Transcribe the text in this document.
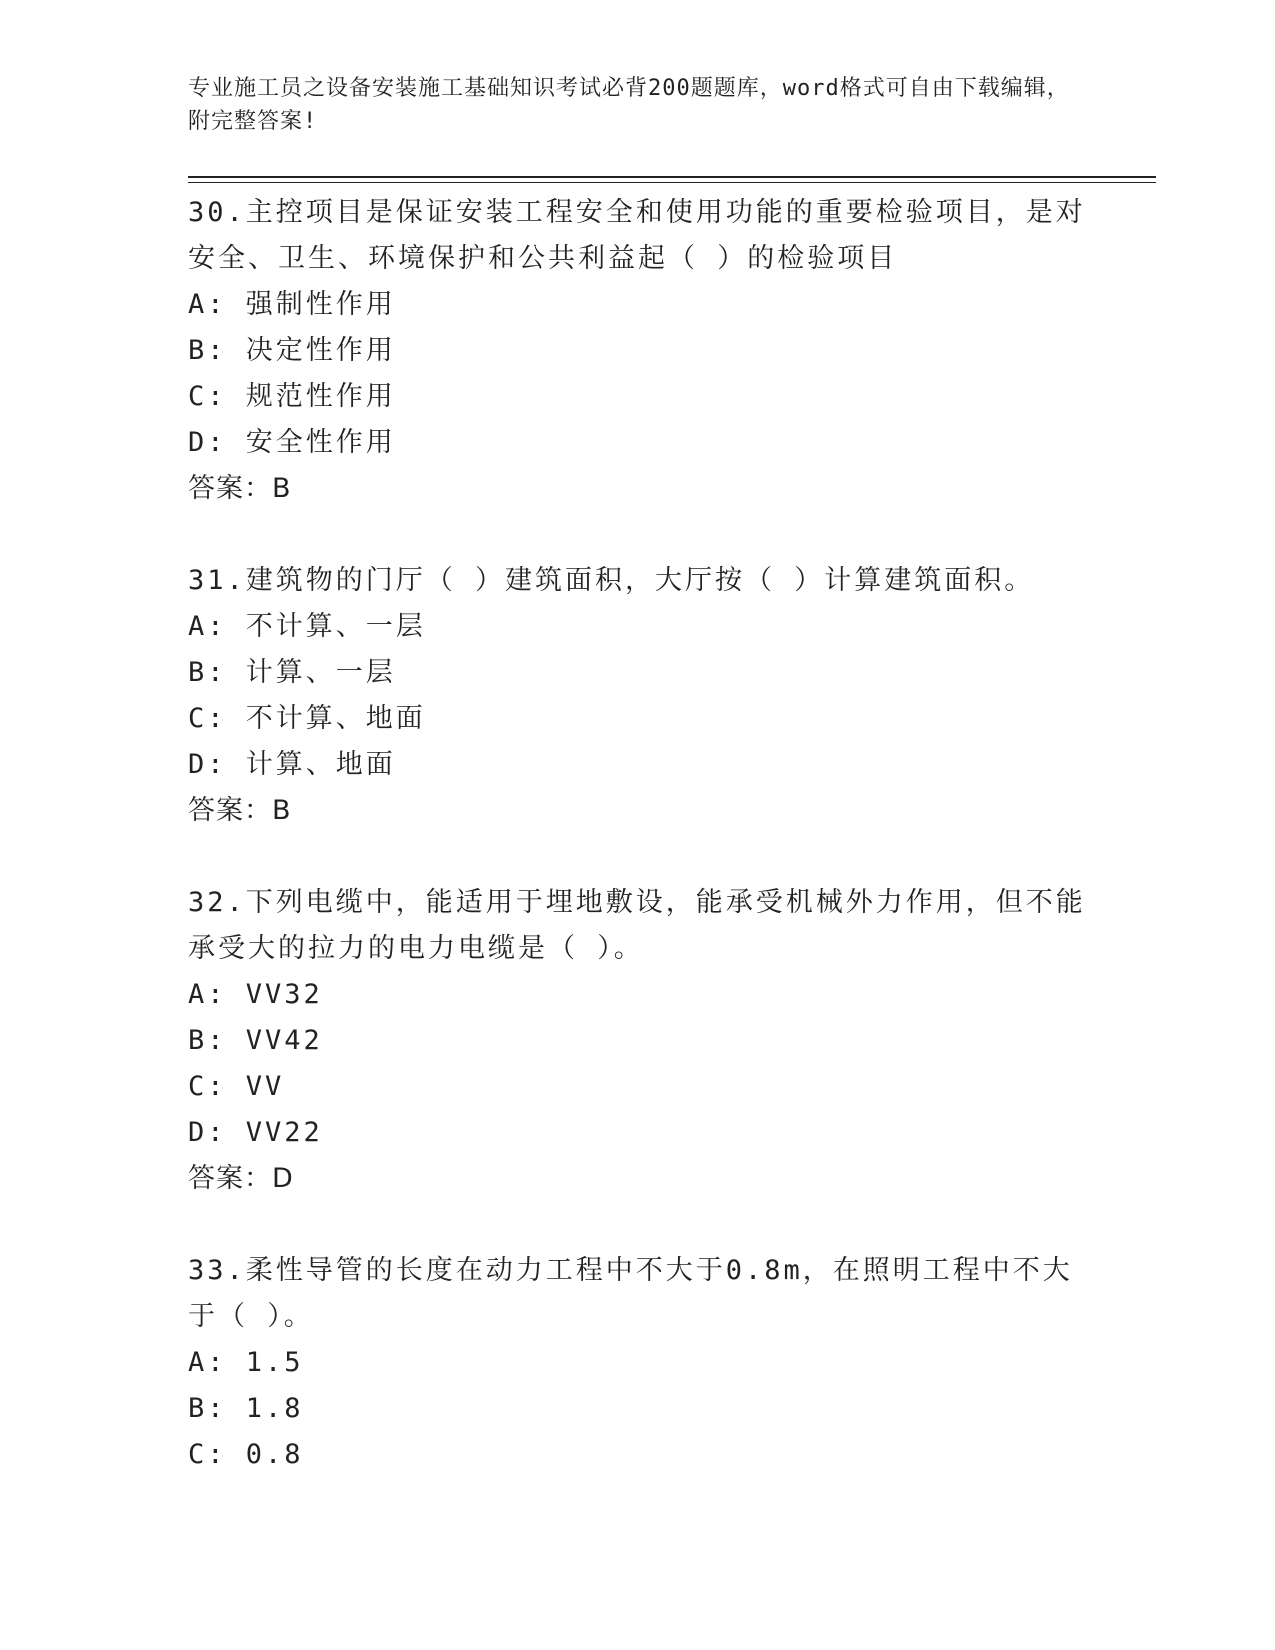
专业施工员之设备安装施工基础知识考试必背200题题库，word格式可自由下载编辑，附完整答案!
30.主控项目是保证安装工程安全和使用功能的重要检验项目，是对安全、卫生、环境保护和公共利益起（ ）的检验项目
A: 强制性作用
B: 决定性作用
C: 规范性作用
D: 安全性作用
答案：B
31.建筑物的门厅（ ）建筑面积，大厅按（ ）计算建筑面积。
A: 不计算、一层
B: 计算、一层
C: 不计算、地面
D: 计算、地面
答案：B
32.下列电缆中，能适用于埋地敷设，能承受机械外力作用，但不能承受大的拉力的电力电缆是（ ）。
A: VV32
B: VV42
C: VV
D: VV22
答案：D
33.柔性导管的长度在动力工程中不大于0.8m，在照明工程中不大于（ ）。
A: 1.5
B: 1.8
C: 0.8
